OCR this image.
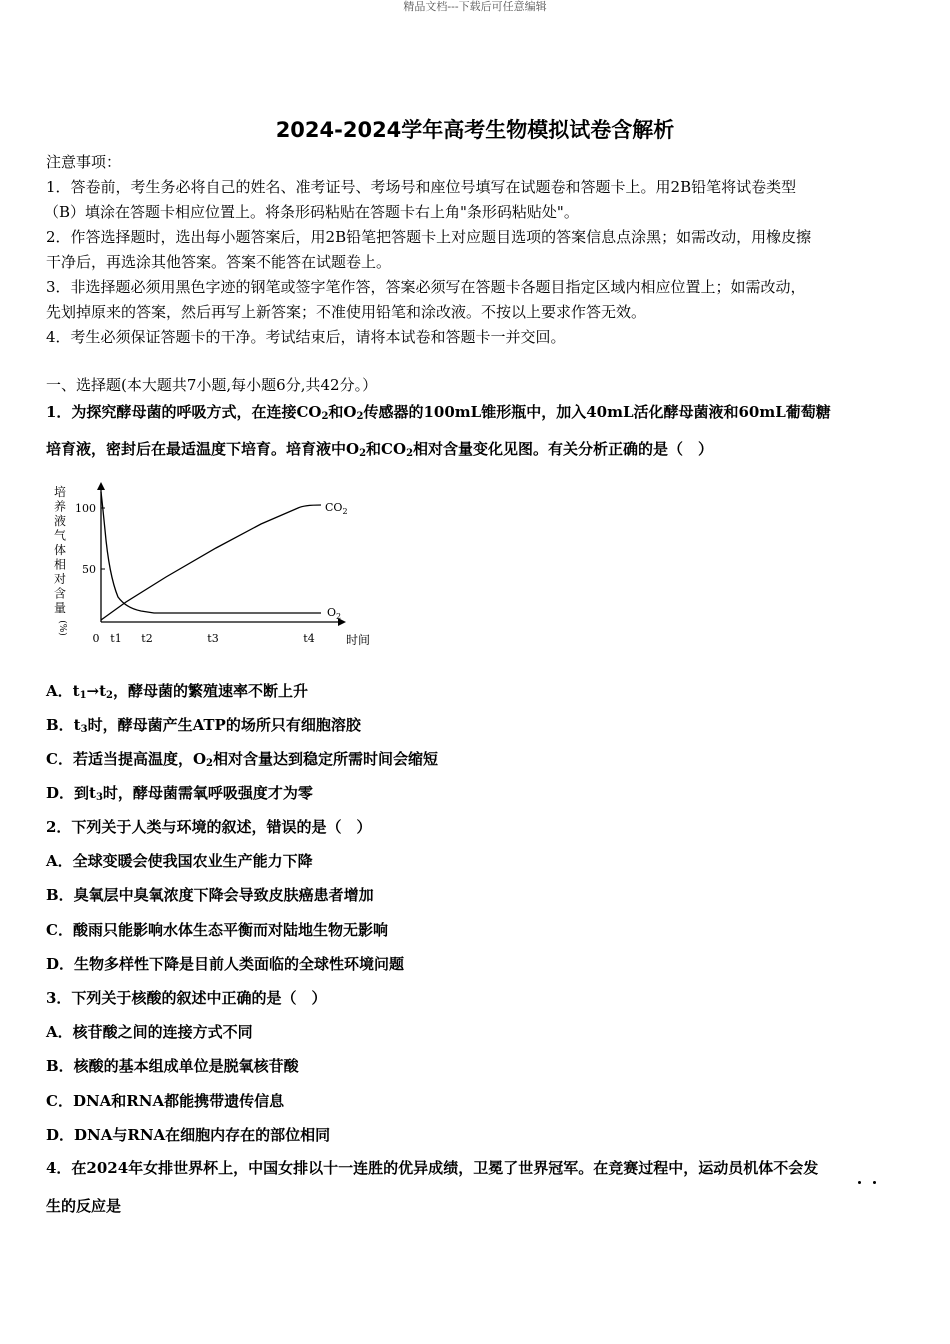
精品文档---下载后可任意编辑
2024-2024学年高考生物模拟试卷含解析
注意事项：
1．答卷前，考生务必将自己的姓名、准考证号、考场号和座位号填写在试题卷和答题卡上。用2B铅笔将试卷类型
（B）填涂在答题卡相应位置上。将条形码粘贴在答题卡右上角"条形码粘贴处"。
2．作答选择题时，选出每小题答案后，用2B铅笔把答题卡上对应题目选项的答案信息点涂黑；如需改动，用橡皮擦
干净后，再选涂其他答案。答案不能答在试题卷上。
3．非选择题必须用黑色字迹的钢笔或签字笔作答，答案必须写在答题卡各题目指定区域内相应位置上；如需改动，
先划掉原来的答案，然后再写上新答案；不准使用铅笔和涂改液。不按以上要求作答无效。
4．考生必须保证答题卡的干净。考试结束后，请将本试卷和答题卡一并交回。
一、选择题(本大题共7小题,每小题6分,共42分。）
1．为探究酵母菌的呼吸方式，在连接$CO_2$和$O_2$传感器的100mL锥形瓶中，加入40mL活化酵母菌液和60mL葡萄糖
培育液，密封后在最适温度下培育。培育液中$O_2$和$CO_2$相对含量变化见图。有关分析正确的是（　）
培
养
液
气
体
相
对
含
量
(%)
100
50
0 t1 t2	t3	t4	时间
$CO_2$
$O_2$
A．$t_1\to t_2$，酵母菌的繁殖速率不断上升
B．$t_3$时，酵母菌产生ATP的场所只有细胞溶胶
C．若适当提高温度，$O_2$相对含量达到稳定所需时间会缩短
D．到$t_3$时，酵母菌需氧呼吸强度才为零
2．下列关于人类与环境的叙述，错误的是（　）
A．全球变暖会使我国农业生产能力下降
B．臭氧层中臭氧浓度下降会导致皮肤癌患者增加
C．酸雨只能影响水体生态平衡而对陆地生物无影响
D．生物多样性下降是目前人类面临的全球性环境问题
3．下列关于核酸的叙述中正确的是（　）
A．核苷酸之间的连接方式不同
B．核酸的基本组成单位是脱氧核苷酸
C．DNA和RNA都能携带遗传信息
D．DNA与RNA在细胞内存在的部位相同
4．在2024年女排世界杯上，中国女排以十一连胜的优异成绩，卫冕了世界冠军。在竞赛过程中，运动员机体不会发
生的反应是
